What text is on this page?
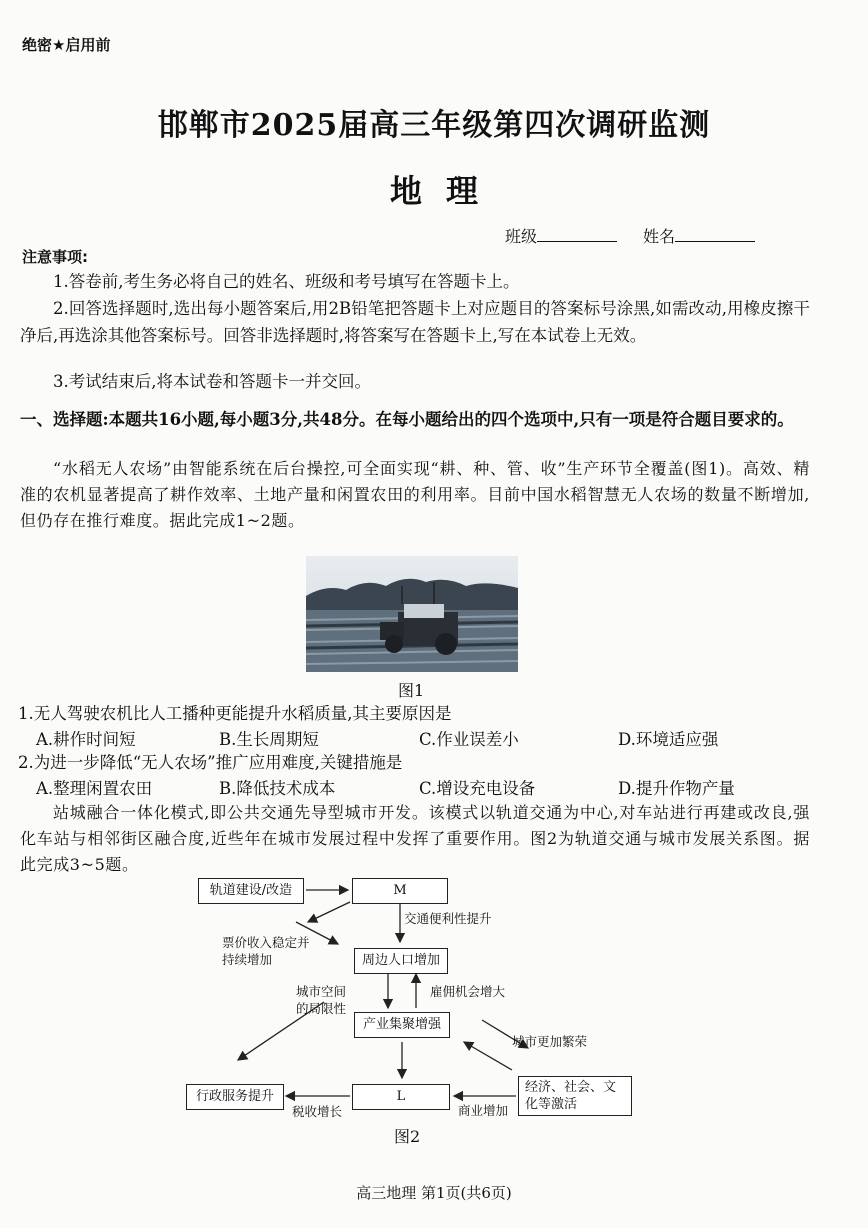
绝密★启用前
邯郸市2025届高三年级第四次调研监测
地理
班级	姓名
注意事项:
1.答卷前,考生务必将自己的姓名、班级和考号填写在答题卡上。
2.回答选择题时,选出每小题答案后,用2B铅笔把答题卡上对应题目的答案标号涂黑,如需改动,用橡皮擦干净后,再选涂其他答案标号。回答非选择题时,将答案写在答题卡上,写在本试卷上无效。
3.考试结束后,将本试卷和答题卡一并交回。
一、选择题:本题共16小题,每小题3分,共48分。在每小题给出的四个选项中,只有一项是符合题目要求的。
“水稻无人农场”由智能系统在后台操控,可全面实现“耕、种、管、收”生产环节全覆盖(图1)。高效、精准的农机显著提高了耕作效率、土地产量和闲置农田的利用率。目前中国水稻智慧无人农场的数量不断增加,但仍存在推行难度。据此完成1~2题。
图1
1.无人驾驶农机比人工播种更能提升水稻质量,其主要原因是
A.耕作时间短	B.生长周期短	C.作业误差小	D.环境适应强
2.为进一步降低“无人农场”推广应用难度,关键措施是
A.整理闲置农田	B.降低技术成本	C.增设充电设备	D.提升作物产量
站城融合一体化模式,即公共交通先导型城市开发。该模式以轨道交通为中心,对车站进行再建或改良,强化车站与相邻街区融合度,近些年在城市发展过程中发挥了重要作用。图2为轨道交通与城市发展关系图。据此完成3~5题。
轨道建设/改造	M
周边人口增加
产业集聚增强
L
行政服务提升
经济、社会、文化等激活
交通便利性提升
票价收入稳定并持续增加
城市空间的局限性
雇佣机会增大
城市更加繁荣
税收增长	商业增加
图2
高三地理 第1页(共6页)
